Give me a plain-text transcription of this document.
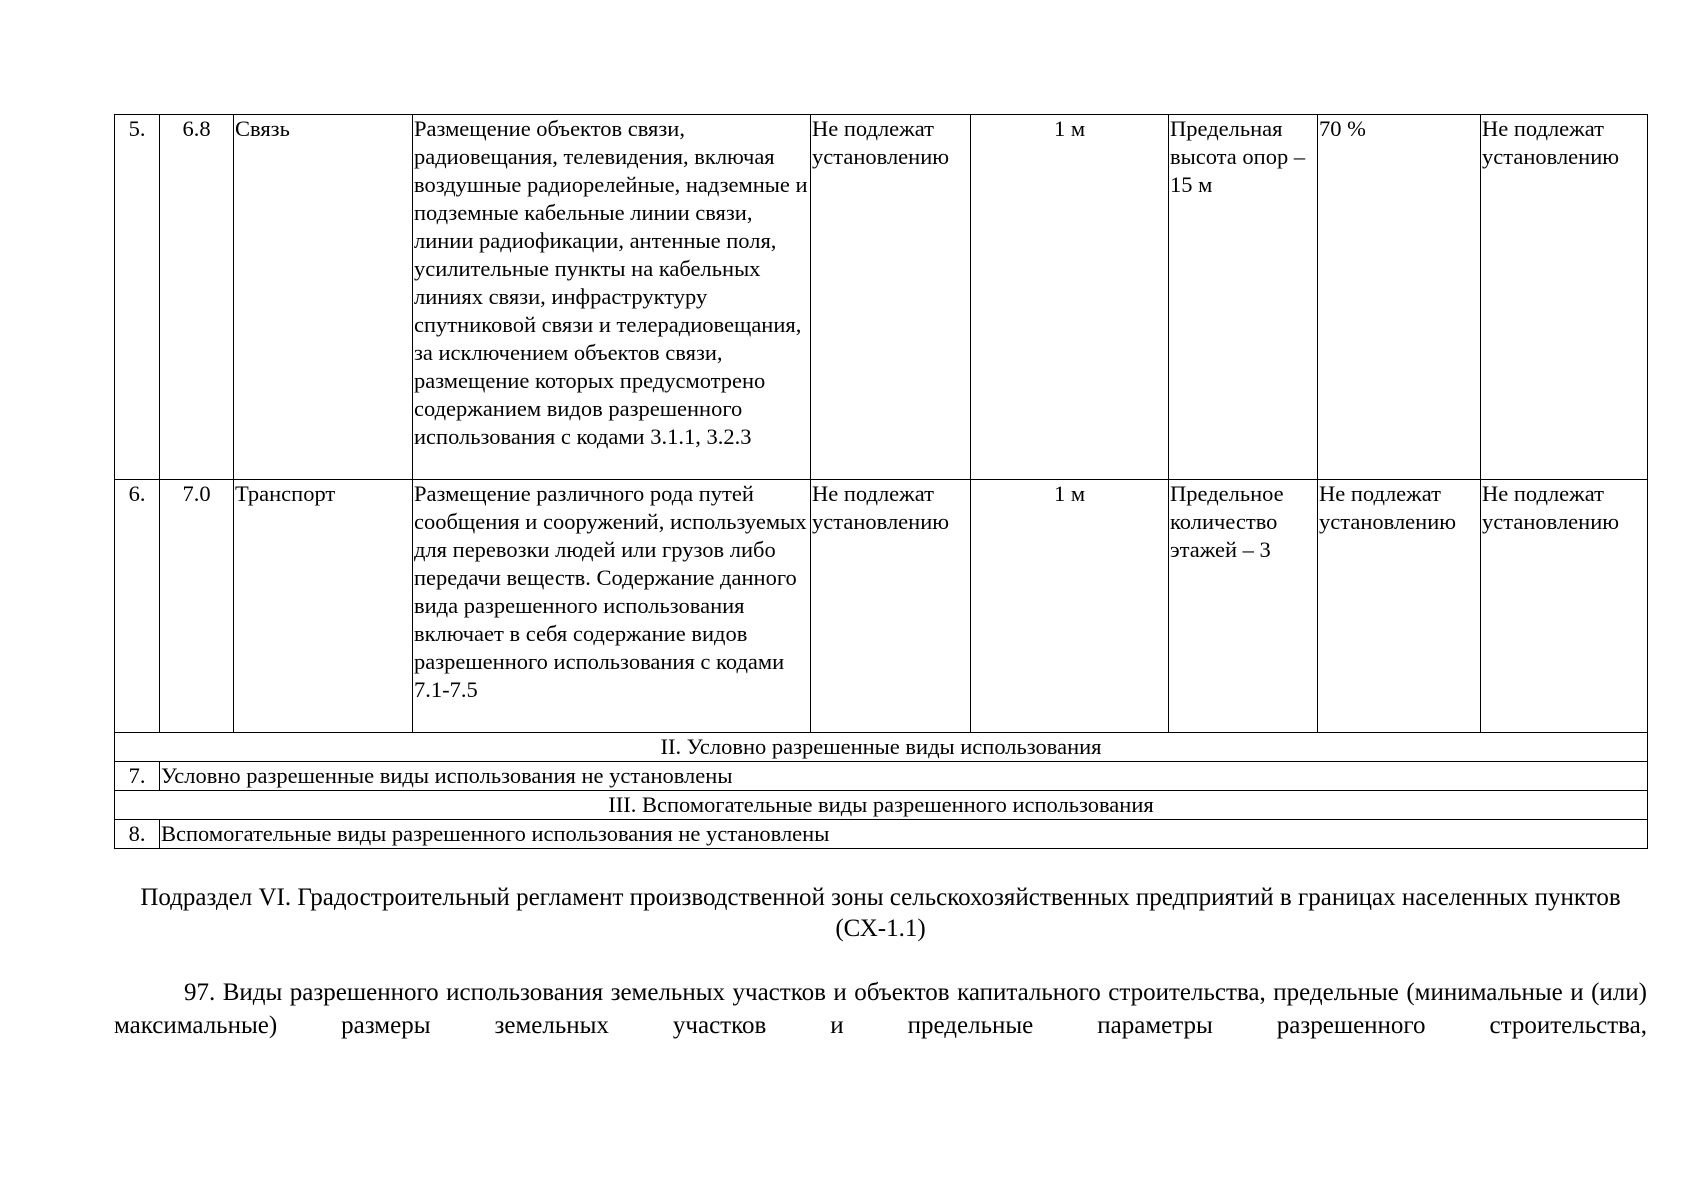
5.	6.8	Связь	Размещение объектов связи, радиовещания, телевидения, включая воздушные радиорелейные, надземные и подземные кабельные линии связи, линии радиофикации, антенные поля, усилительные пункты на кабельных линиях связи, инфраструктуру спутниковой связи и телерадиовещания, за исключением объектов связи, размещение которых предусмотрено содержанием видов разрешенного использования с кодами 3.1.1, 3.2.3	Не подлежат установлению	1 м	Предельная высота опор – 15 м	70 %	Не подлежат установлению
6.	7.0	Транспорт	Размещение различного рода путей сообщения и сооружений, используемых для перевозки людей или грузов либо передачи веществ. Содержание данного вида разрешенного использования включает в себя содержание видов разрешенного использования с кодами 7.1-7.5	Не подлежат установлению	1 м	Предельное количество этажей – 3	Не подлежат установлению	Не подлежат установлению
II. Условно разрешенные виды использования								
7.	Условно разрешенные виды использования не установлены							
III. Вспомогательные виды разрешенного использования								
8.	Вспомогательные виды разрешенного использования не установлены							
Подраздел VI. Градостроительный регламент производственной зоны сельскохозяйственных предприятий в границах населенных пунктов (СХ-1.1)
97. Виды разрешенного использования земельных участков и объектов капитального строительства, предельные (минимальные и (или) максимальные) размеры земельных участков и предельные параметры разрешенного строительства,
